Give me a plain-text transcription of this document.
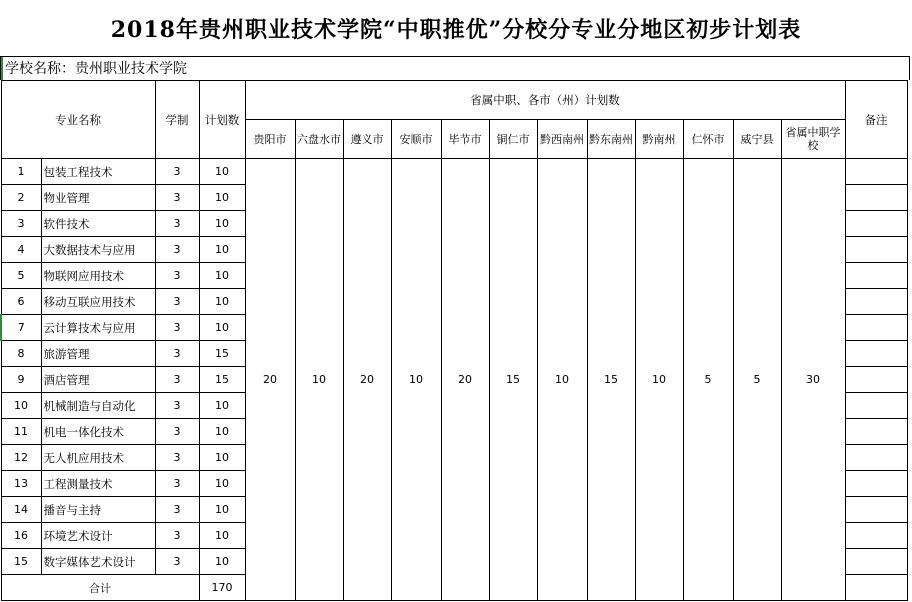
2018年贵州职业技术学院“中职推优”分校分专业分地区初步计划表
学校名称：贵州职业技术学院
专业名称		学制	计划数	省属中职、各市（州）计划数												备注
				贵阳市	六盘水市	遵义市	安顺市	毕节市	铜仁市	黔西南州	黔东南州	黔南州	仁怀市	威宁县	省属中职学校	
1	包装工程技术	3	10	20	10	20	10	20	15	10	15	10	5	5	30	
2	物业管理	3	10													
3	软件技术	3	10													
4	大数据技术与应用	3	10													
5	物联网应用技术	3	10													
6	移动互联应用技术	3	10													
7	云计算技术与应用	3	10													
8	旅游管理	3	15													
9	酒店管理	3	15													
10	机械制造与自动化	3	10													
11	机电一体化技术	3	10													
12	无人机应用技术	3	10													
13	工程测量技术	3	10													
14	播音与主持	3	10													
16	环境艺术设计	3	10													
15	数字媒体艺术设计	3	10													
合计			170													
